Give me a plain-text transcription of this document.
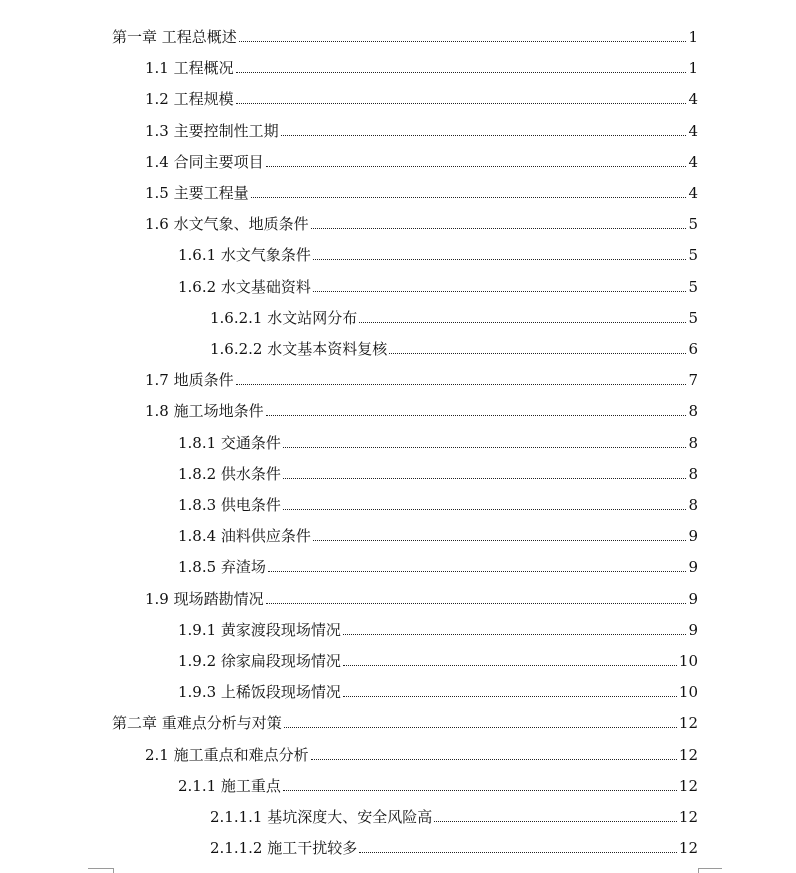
第一章 工程总概述	1
1.1 工程概况	1
1.2 工程规模	4
1.3 主要控制性工期	4
1.4 合同主要项目	4
1.5 主要工程量	4
1.6 水文气象、地质条件	5
1.6.1 水文气象条件	5
1.6.2 水文基础资料	5
1.6.2.1 水文站网分布	5
1.6.2.2 水文基本资料复核	6
1.7 地质条件	7
1.8 施工场地条件	8
1.8.1 交通条件	8
1.8.2 供水条件	8
1.8.3 供电条件	8
1.8.4 油料供应条件	9
1.8.5 弃渣场	9
1.9 现场踏勘情况	9
1.9.1 黄家渡段现场情况	9
1.9.2 徐家扁段现场情况	10
1.9.3 上稀饭段现场情况	10
第二章 重难点分析与对策	12
2.1 施工重点和难点分析	12
2.1.1 施工重点	12
2.1.1.1 基坑深度大、安全风险高	12
2.1.1.2 施工干扰较多	12
